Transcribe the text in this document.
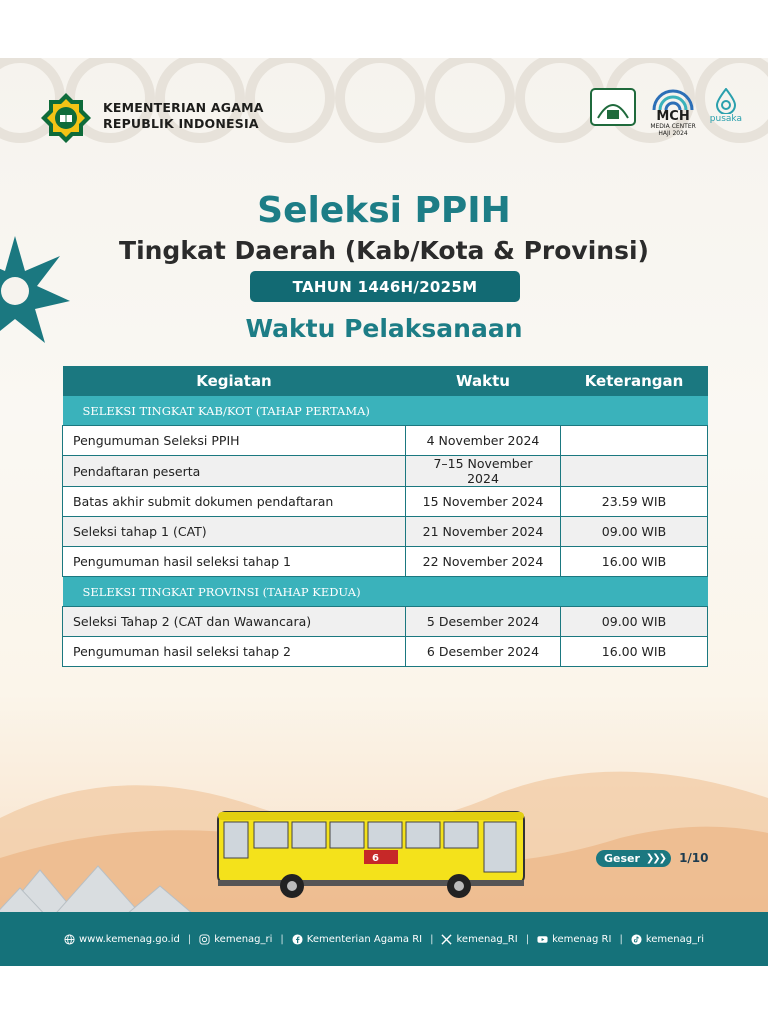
KEMENTERIAN AGAMA
REPUBLIK INDONESIA	MCH
MEDIA CENTER
HAJI 2024
pusaka
Seleksi PPIH
Tingkat Daerah (Kab/Kota & Provinsi)
TAHUN 1446H/2025M
Waktu Pelaksanaan
Kegiatan	Waktu	Keterangan
SELEKSI TINGKAT KAB/KOT (TAHAP PERTAMA)		
Pengumuman Seleksi PPIH	4 November 2024	
Pendaftaran peserta	7–15 November 2024	
Batas akhir submit dokumen pendaftaran	15 November 2024	23.59 WIB
Seleksi tahap 1 (CAT)	21 November 2024	09.00 WIB
Pengumuman hasil seleksi tahap 1	22 November 2024	16.00 WIB
SELEKSI TINGKAT PROVINSI (TAHAP KEDUA)		
Seleksi Tahap 2 (CAT dan Wawancara)	5 Desember 2024	09.00 WIB
Pengumuman hasil seleksi tahap 2	6 Desember 2024	16.00 WIB
6	Geser ❯❯❯ 1/10
www.kemenag.go.id | kemenag_ri | Kementerian Agama RI | kemenag_RI | kemenag RI | kemenag_ri
